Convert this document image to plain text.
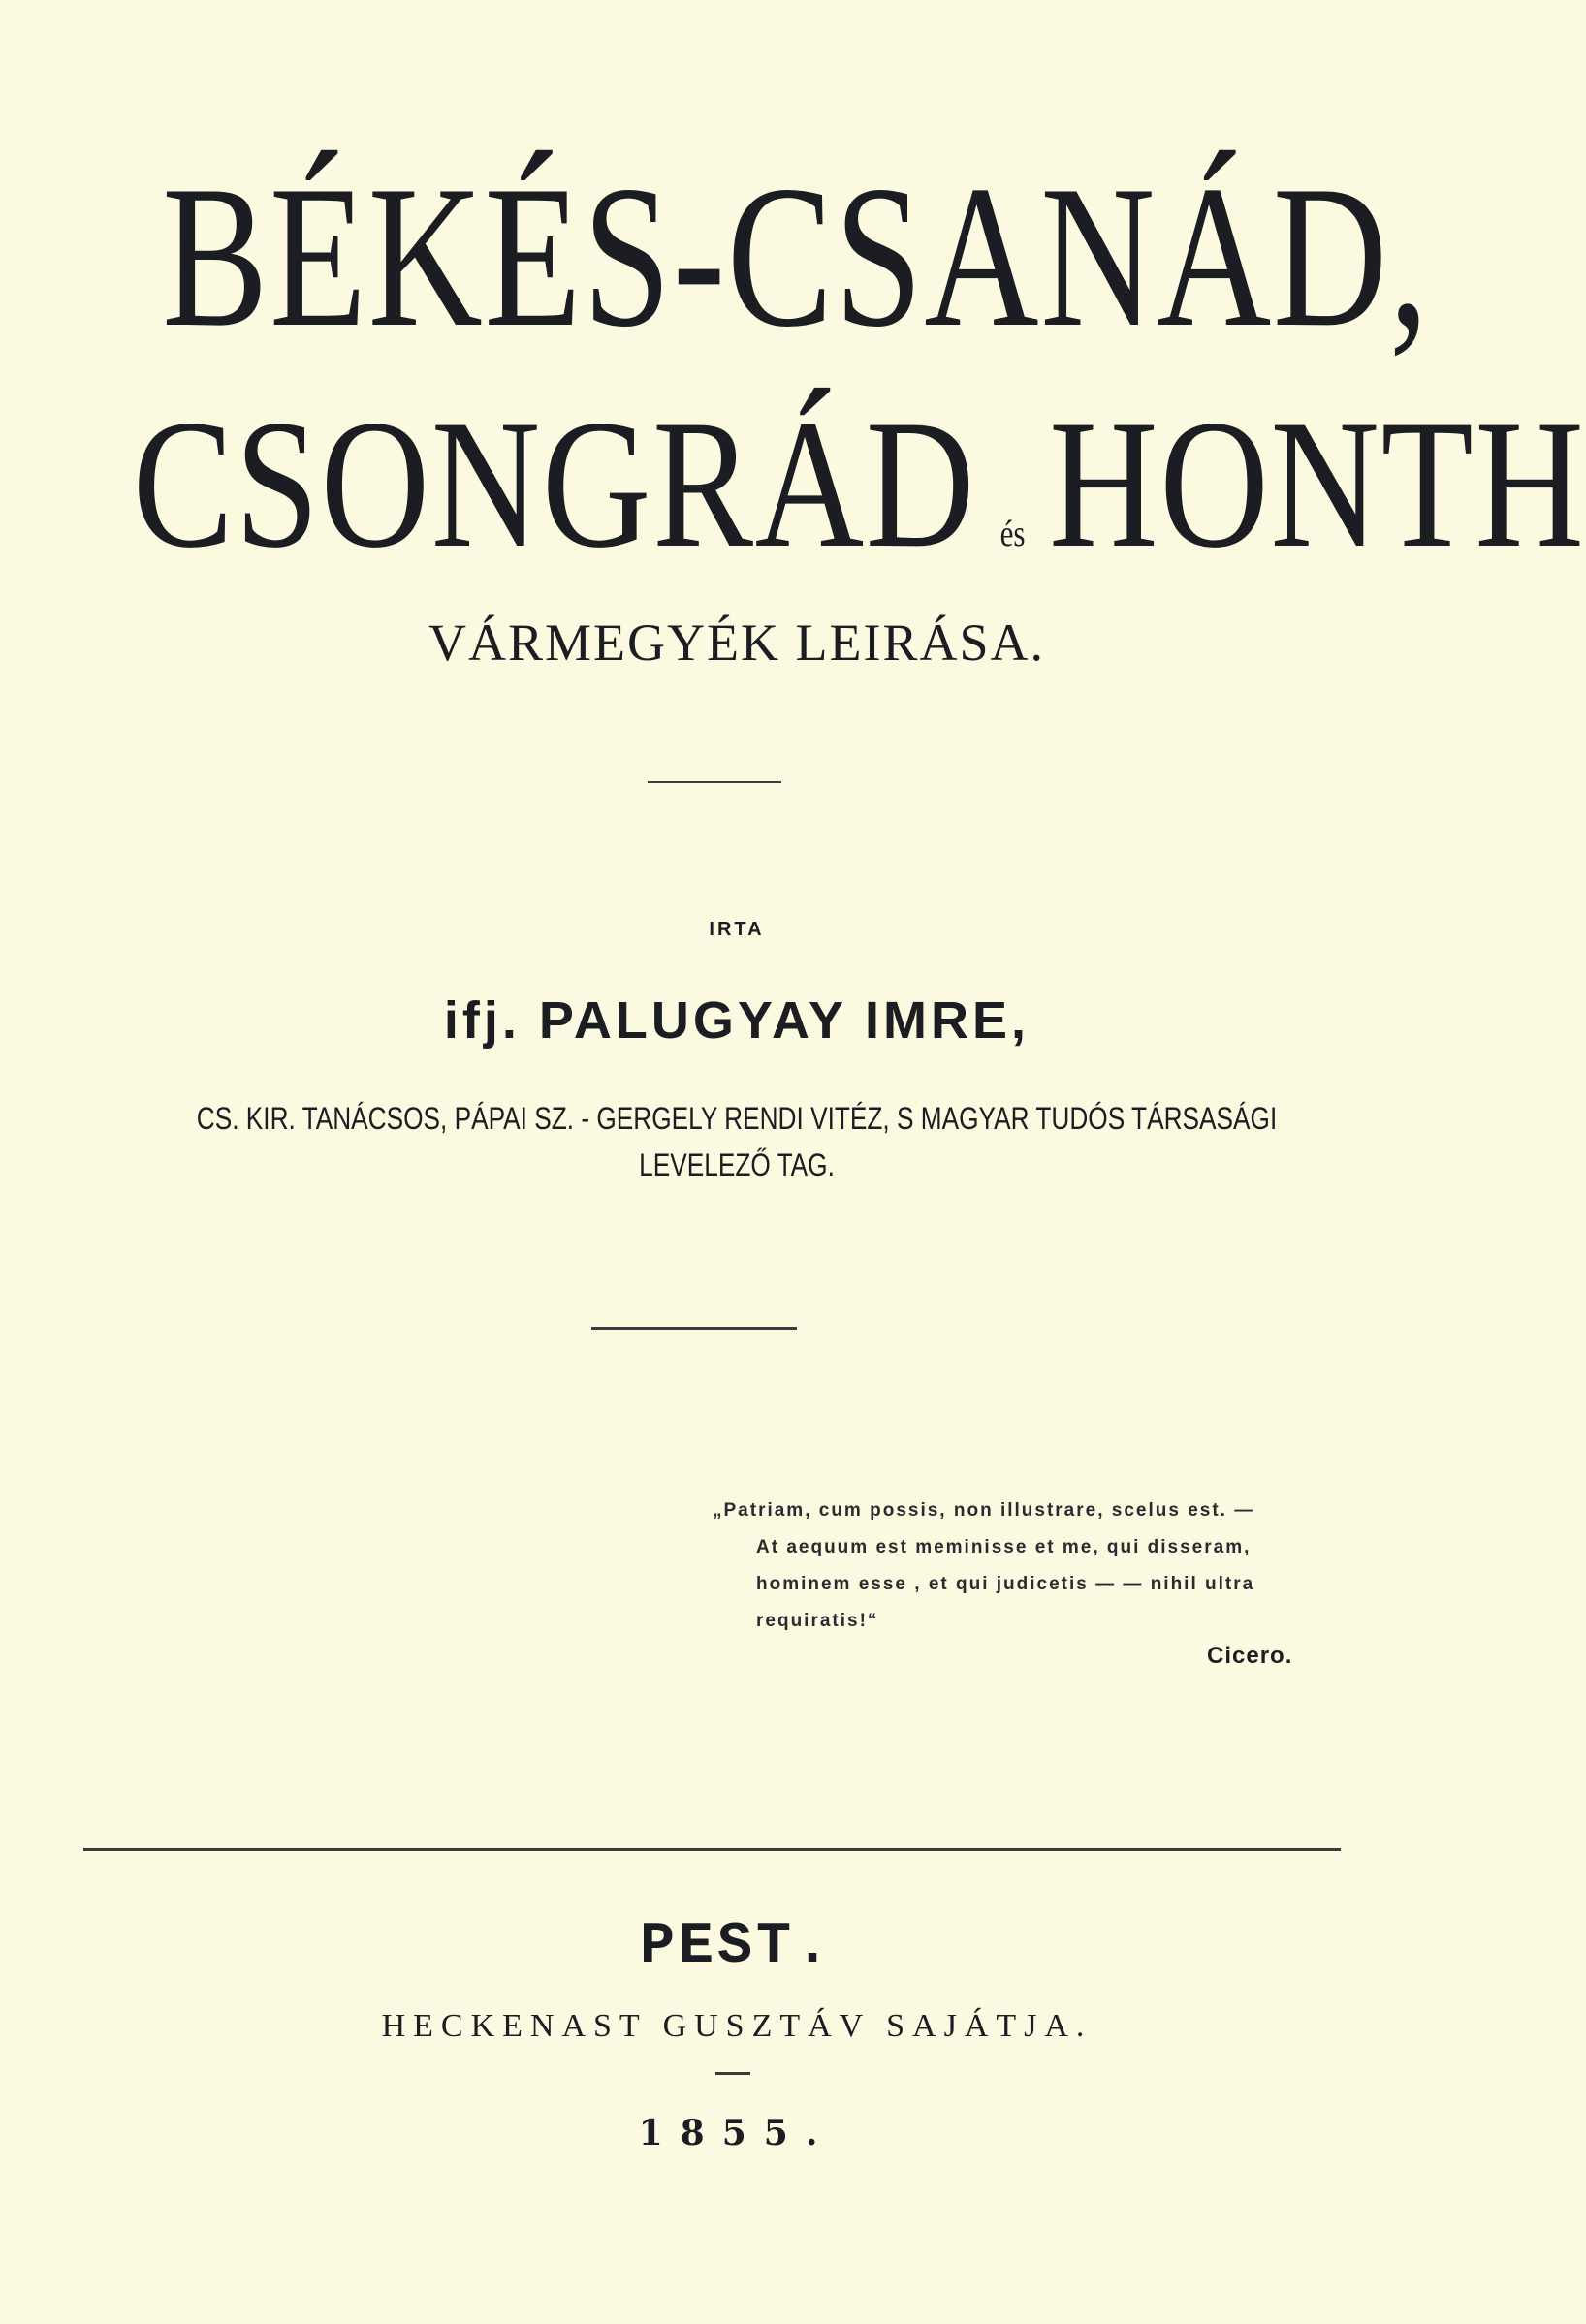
BÉKÉS-CSANÁD,
CSONGRÁD és HONTH
VÁRMEGYÉK LEIRÁSA.
IRTA
ifj. PALUGYAY IMRE,
CS. KIR. TANÁCSOS, PÁPAI SZ. - GERGELY RENDI VITÉZ, S MAGYAR TUDÓS TÁRSASÁGI
LEVELEZŐ TAG.
„Patriam, cum possis, non illustrare, scelus est. —
At aequum est meminisse et me, qui disseram,
hominem esse , et qui judicetis — — nihil ultra
requiratis!“
Cicero.
PEST.
HECKENAST GUSZTÁV SAJÁTJA.
1855.
